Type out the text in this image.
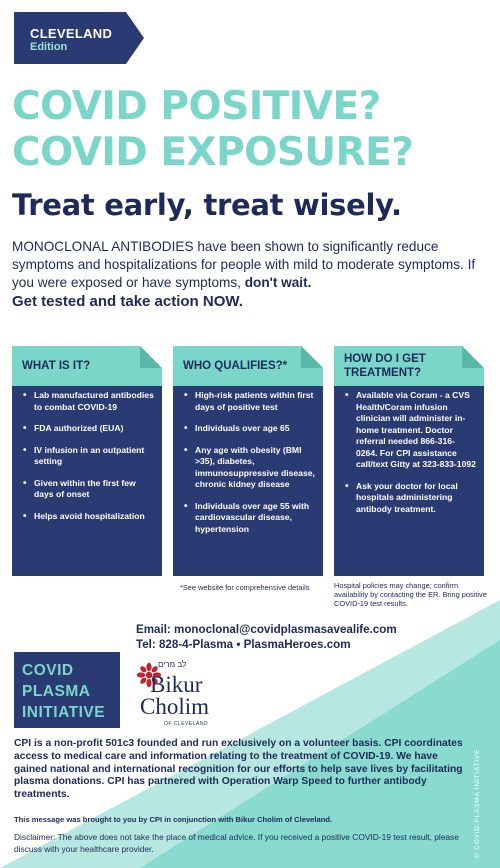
CLEVELAND
Edition
COVID POSITIVE?
COVID EXPOSURE?
Treat early, treat wisely.
MONOCLONAL ANTIBODIES have been shown to significantly reduce symptoms and hospitalizations for people with mild to moderate symptoms. If you were exposed or have symptoms, don't wait.
Get tested and take action NOW.
WHAT IS IT?
• Lab manufactured antibodies to combat COVID-19
• FDA authorized (EUA)
• IV infusion in an outpatient setting
• Given within the first few days of onset
• Helps avoid hospitalization
WHO QUALIFIES?*
• High-risk patients within first days of positive test
• Individuals over age 65
• Any age with obesity (BMI >35), diabetes, immunosuppressive disease, chronic kidney disease
• Individuals over age 55 with cardiovascular disease, hypertension
HOW DO I GET
TREATMENT?
• Available via Coram - a CVS Health/Coram infusion clinician will administer in-home treatment. Doctor referral needed 866-316-0264. For CPI assistance call/text Gitty at 323-833-1092
• Ask your doctor for local hospitals administering antibody treatment.
*See website for comprehensive details	Hospital policies may change; confirm availability by contacting the ER. Bring positive COVID-19 test results.
Email: monoclonal@covidplasmasavealife.com
Tel: 828-4-Plasma • PlasmaHeroes.com
COVID
PLASMA
INITIATIVE
לב מרים
Bikur
Cholim
OF CLEVELAND
CPI is a non-profit 501c3 founded and run exclusively on a volunteer basis. CPI coordinates access to medical care and information relating to the treatment of COVID-19. We have gained national and international recognition for our efforts to help save lives by facilitating plasma donations. CPI has partnered with Operation Warp Speed to further antibody treatments.
This message was brought to you by CPI in conjunction with Bikur Cholim of Cleveland.
Disclaimer: The above does not take the place of medical advice. If you received a positive COVID-19 test result, please discuss with your healthcare provider.	© COVID PLASMA INITIATIVE
